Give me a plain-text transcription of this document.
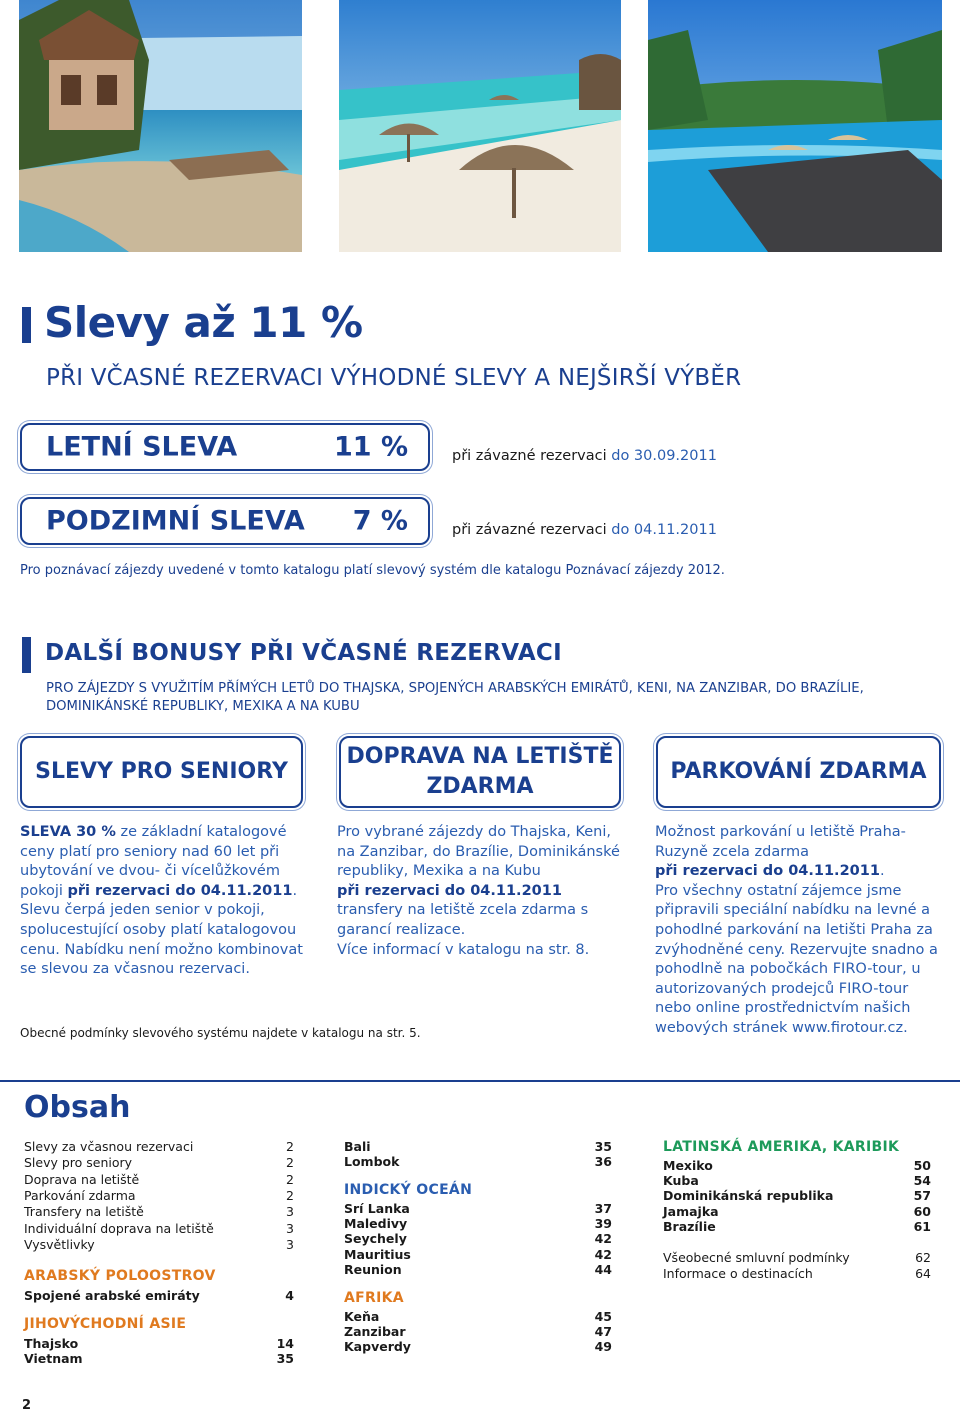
Slevy až 11 %
PŘI VČASNÉ REZERVACI VÝHODNÉ SLEVY A NEJŠIRŠÍ VÝBĚR
LETNÍ SLEVA	11 %	při závazné rezervaci do 30.09.2011
PODZIMNÍ SLEVA 7 %	při závazné rezervaci do 04.11.2011
Pro poznávací zájezdy uvedené v tomto katalogu platí slevový systém dle katalogu Poznávací zájezdy 2012.
DALŠÍ BONUSY PŘI VČASNÉ REZERVACI
PRO ZÁJEZDY S VYUŽITÍM PŘÍMÝCH LETŮ DO THAJSKA, SPOJENÝCH ARABSKÝCH EMIRÁTŮ, KENI, NA ZANZIBAR, DO BRAZÍLIE,
DOMINIKÁNSKÉ REPUBLIKY, MEXIKA A NA KUBU
SLEVY PRO SENIORY
DOPRAVA NA LETIŠTĚ
ZDARMA
PARKOVÁNÍ ZDARMA
SLEVA 30 % ze základní katalogové ceny platí pro seniory nad 60 let při ubytování ve dvou- či vícelůžkovém pokoji při rezervaci do 04.11.2011.
Slevu čerpá jeden senior v pokoji, spolucestující osoby platí katalogovou cenu. Nabídku není možno kombinovat se slevou za včasnou rezervaci.
Pro vybrané zájezdy do Thajska, Keni, na Zanzibar, do Brazílie, Dominikánské republiky, Mexika a na Kubu
při rezervaci do 04.11.2011 transfery na letiště zcela zdarma s garancí realizace.
Více informací v katalogu na str. 8.
Možnost parkování u letiště Praha-Ruzyně zcela zdarma
při rezervaci do 04.11.2011.
Pro všechny ostatní zájemce jsme připravili speciální nabídku na levné a pohodlné parkování na letišti Praha za zvýhodněné ceny. Rezervujte snadno a pohodlně na pobočkách FIRO-tour, u autorizovaných prodejců FIRO-tour nebo online prostřednictvím našich webových stránek www.firotour.cz.
Obecné podmínky slevového systému najdete v katalogu na str. 5.
Obsah
Slevy za včasnou rezervaci	2
Slevy pro seniory	2
Doprava na letiště	2
Parkování zdarma	2
Transfery na letiště	3
Individuální doprava na letiště	3
Vysvětlivky	3
ARABSKÝ POLOOSTROV
Spojené arabské emiráty	4
JIHOVÝCHODNÍ ASIE
Thajsko	14
Vietnam	35
Bali	35
Lombok	36
INDICKÝ OCEÁN
Srí Lanka	37
Maledivy	39
Seychely	42
Mauritius	42
Reunion	44
AFRIKA
Keňa	45
Zanzibar	47
Kapverdy	49
LATINSKÁ AMERIKA, KARIBIK
Mexiko	50
Kuba	54
Dominikánská republika	57
Jamajka	60
Brazílie	61
Všeobecné smluvní podmínky	62
Informace o destinacích	64
2
